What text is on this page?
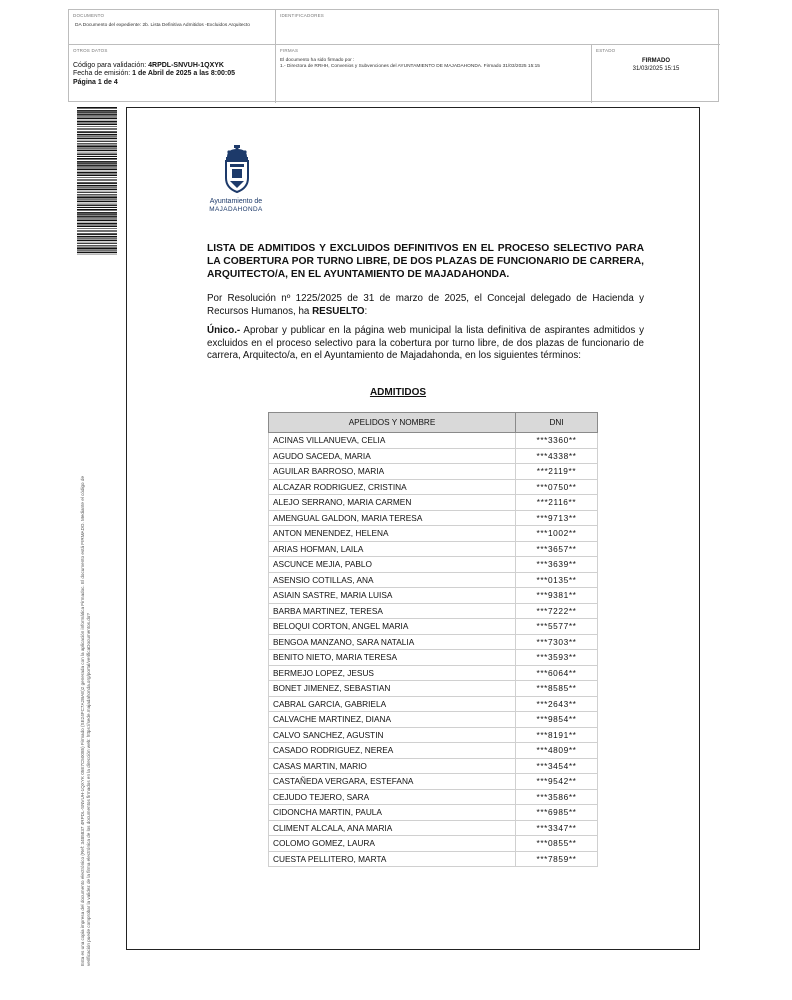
DOCUMENTO
DA Documento del expediente: 2b. Lista Definitiva Admitidos -Excluidos Arquitecto
IDENTIFICADORES
OTROS DATOS
Código para validación: 4RPDL-SNVUH-1QXYK
Fecha de emisión: 1 de Abril de 2025 a las 8:00:05
Página 1 de 4
FIRMAS
El documento ha sido firmado por :
1.- Directora de RRHH, Convenios y Subvenciones del AYUNTAMIENTO DE MAJADAHONDA. Firmado 31/03/2025 15:15
ESTADO
FIRMADO
31/03/2025 15:15
Esta es una copia impresa del documento electrónico (Ref: 3485837 4RPDL-SNVUH-1QXYK 05E7C50085) Firmado (SE24FC7A2BAE)2 generada con la aplicación informática Firmadoc. El documento está FIRMADO. Mediante el código de verificación puede comprobar la validez de la firma electrónica de los documentos firmados en la dirección web: https://sede.majadahonda.org/portal/verificaDocumentos.do?
Ayuntamiento de
MAJADAHONDA
LISTA DE ADMITIDOS Y EXCLUIDOS DEFINITIVOS EN EL PROCESO SELECTIVO PARA LA COBERTURA POR TURNO LIBRE, DE DOS PLAZAS DE FUNCIONARIO DE CARRERA, ARQUITECTO/A, EN EL AYUNTAMIENTO DE MAJADAHONDA.
Por Resolución nº 1225/2025 de 31 de marzo de 2025, el Concejal delegado de Hacienda y Recursos Humanos, ha RESUELTO:
Único.- Aprobar y publicar en la página web municipal la lista definitiva de aspirantes admitidos y excluidos en el proceso selectivo para la cobertura por turno libre, de dos plazas de funcionario de carrera, Arquitecto/a, en el Ayuntamiento de Majadahonda, en los siguientes términos:
ADMITIDOS
APELIDOS Y NOMBRE	DNI
ACINAS VILLANUEVA, CELIA	***3360**
AGUDO SACEDA, MARIA	***4338**
AGUILAR BARROSO, MARIA	***2119**
ALCAZAR RODRIGUEZ, CRISTINA	***0750**
ALEJO SERRANO, MARIA CARMEN	***2116**
AMENGUAL GALDON, MARIA TERESA	***9713**
ANTON MENENDEZ, HELENA	***1002**
ARIAS HOFMAN, LAILA	***3657**
ASCUNCE MEJIA, PABLO	***3639**
ASENSIO COTILLAS, ANA	***0135**
ASIAIN SASTRE, MARIA LUISA	***9381**
BARBA MARTINEZ, TERESA	***7222**
BELOQUI CORTON, ANGEL MARIA	***5577**
BENGOA MANZANO, SARA NATALIA	***7303**
BENITO NIETO, MARIA TERESA	***3593**
BERMEJO LOPEZ, JESUS	***6064**
BONET JIMENEZ, SEBASTIAN	***8585**
CABRAL GARCIA, GABRIELA	***2643**
CALVACHE MARTINEZ, DIANA	***9854**
CALVO SANCHEZ, AGUSTIN	***8191**
CASADO RODRIGUEZ, NEREA	***4809**
CASAS MARTIN, MARIO	***3454**
CASTAÑEDA VERGARA, ESTEFANA	***9542**
CEJUDO TEJERO, SARA	***3586**
CIDONCHA MARTIN, PAULA	***6985**
CLIMENT ALCALA, ANA MARIA	***3347**
COLOMO GOMEZ, LAURA	***0855**
CUESTA PELLITERO, MARTA	***7859**
